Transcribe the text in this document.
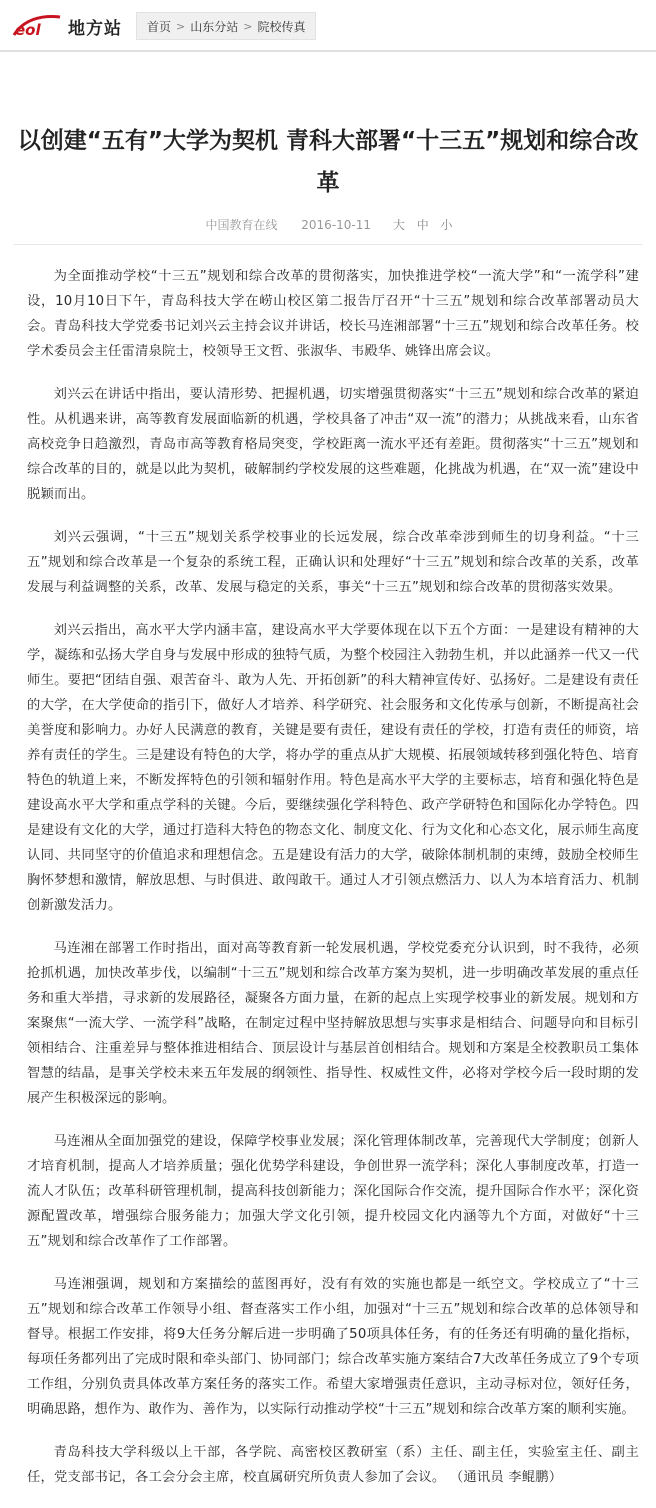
eol 地方站 首页 > 山东分站 > 院校传真
以创建“五有”大学为契机 青科大部署“十三五”规划和综合改革
中国教育在线 2016-10-11 大 中 小

为全面推动学校“十三五”规划和综合改革的贯彻落实，加快推进学校“一流大学”和“一流学科”建设，10月10日下午，青岛科技大学在崂山校区第二报告厅召开“十三五”规划和综合改革部署动员大会。青岛科技大学党委书记刘兴云主持会议并讲话，校长马连湘部署“十三五”规划和综合改革任务。校学术委员会主任雷清泉院士，校领导王文哲、张淑华、韦殿华、姚锋出席会议。

刘兴云在讲话中指出，要认清形势、把握机遇，切实增强贯彻落实“十三五”规划和综合改革的紧迫性。从机遇来讲，高等教育发展面临新的机遇，学校具备了冲击“双一流”的潜力；从挑战来看，山东省高校竞争日趋激烈，青岛市高等教育格局突变，学校距离一流水平还有差距。贯彻落实“十三五”规划和综合改革的目的，就是以此为契机，破解制约学校发展的这些难题，化挑战为机遇，在“双一流”建设中脱颖而出。

刘兴云强调，“十三五”规划关系学校事业的长远发展，综合改革牵涉到师生的切身利益。“十三五”规划和综合改革是一个复杂的系统工程，正确认识和处理好“十三五”规划和综合改革的关系，改革发展与利益调整的关系，改革、发展与稳定的关系，事关“十三五”规划和综合改革的贯彻落实效果。

刘兴云指出，高水平大学内涵丰富，建设高水平大学要体现在以下五个方面：一是建设有精神的大学，凝练和弘扬大学自身与发展中形成的独特气质，为整个校园注入勃勃生机，并以此涵养一代又一代师生。要把“团结自强、艰苦奋斗、敢为人先、开拓创新”的科大精神宣传好、弘扬好。二是建设有责任的大学，在大学使命的指引下，做好人才培养、科学研究、社会服务和文化传承与创新，不断提高社会美誉度和影响力。办好人民满意的教育，关键是要有责任，建设有责任的学校，打造有责任的师资，培养有责任的学生。三是建设有特色的大学，将办学的重点从扩大规模、拓展领域转移到强化特色、培育特色的轨道上来，不断发挥特色的引领和辐射作用。特色是高水平大学的主要标志，培育和强化特色是建设高水平大学和重点学科的关键。今后，要继续强化学科特色、政产学研特色和国际化办学特色。四是建设有文化的大学，通过打造科大特色的物态文化、制度文化、行为文化和心态文化，展示师生高度认同、共同坚守的价值追求和理想信念。五是建设有活力的大学，破除体制机制的束缚，鼓励全校师生胸怀梦想和激情，解放思想、与时俱进、敢闯敢干。通过人才引领点燃活力、以人为本培育活力、机制创新激发活力。

马连湘在部署工作时指出，面对高等教育新一轮发展机遇，学校党委充分认识到，时不我待，必须抢抓机遇，加快改革步伐，以编制“十三五”规划和综合改革方案为契机，进一步明确改革发展的重点任务和重大举措，寻求新的发展路径，凝聚各方面力量，在新的起点上实现学校事业的新发展。规划和方案聚焦“一流大学、一流学科”战略，在制定过程中坚持解放思想与实事求是相结合、问题导向和目标引领相结合、注重差异与整体推进相结合、顶层设计与基层首创相结合。规划和方案是全校教职员工集体智慧的结晶，是事关学校未来五年发展的纲领性、指导性、权威性文件，必将对学校今后一段时期的发展产生积极深远的影响。

马连湘从全面加强党的建设，保障学校事业发展；深化管理体制改革，完善现代大学制度；创新人才培育机制，提高人才培养质量；强化优势学科建设，争创世界一流学科；深化人事制度改革，打造一流人才队伍；改革科研管理机制，提高科技创新能力；深化国际合作交流，提升国际合作水平；深化资源配置改革，增强综合服务能力；加强大学文化引领，提升校园文化内涵等九个方面，对做好“十三五”规划和综合改革作了工作部署。

马连湘强调，规划和方案描绘的蓝图再好，没有有效的实施也都是一纸空文。学校成立了“十三五”规划和综合改革工作领导小组、督查落实工作小组，加强对“十三五”规划和综合改革的总体领导和督导。根据工作安排，将9大任务分解后进一步明确了50项具体任务，有的任务还有明确的量化指标，每项任务都列出了完成时限和牵头部门、协同部门；综合改革实施方案结合7大改革任务成立了9个专项工作组，分别负责具体改革方案任务的落实工作。希望大家增强责任意识，主动寻标对位，领好任务，明确思路，想作为、敢作为、善作为，以实际行动推动学校“十三五”规划和综合改革方案的顺利实施。

青岛科技大学科级以上干部，各学院、高密校区教研室（系）主任、副主任，实验室主任、副主任，党支部书记，各工会分会主席，校直属研究所负责人参加了会议。 （通讯员 李鲲鹏）
